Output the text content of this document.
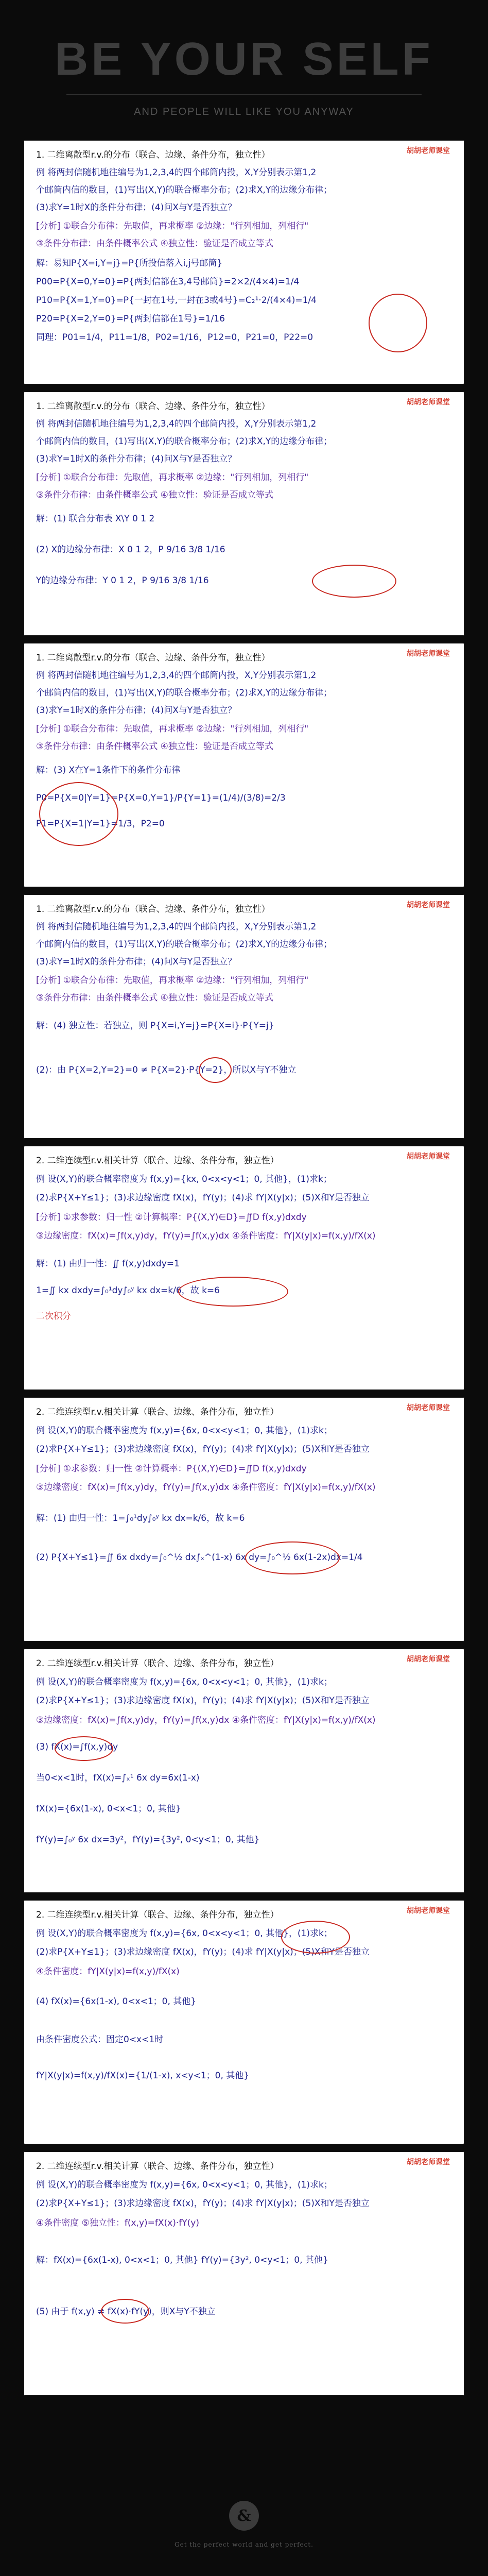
BE YOUR SELF
AND PEOPLE WILL LIKE YOU ANYWAY
胡胡老师课堂
1. 二维离散型r.v.的分布（联合、边缘、条件分布，独立性）
例 将两封信随机地往编号为1,2,3,4的四个邮筒内投，X,Y分别表示第1,2
个邮筒内信的数目，(1)写出(X,Y)的联合概率分布；(2)求X,Y的边缘分布律；
(3)求Y=1时X的条件分布律；(4)问X与Y是否独立？
[分析] ①联合分布律：先取值，再求概率 ②边缘："行列相加，列相行"
③条件分布律：由条件概率公式 ④独立性：验证是否成立等式
解：易知P{X=i,Y=j}=P{所投信落入i,j号邮筒}
P00=P{X=0,Y=0}=P{两封信都在3,4号邮筒}=2×2/(4×4)=1/4
P10=P{X=1,Y=0}=P{一封在1号,一封在3或4号}=C₂¹·2/(4×4)=1/4
P20=P{X=2,Y=0}=P{两封信都在1号}=1/16
同理：P01=1/4，P11=1/8，P02=1/16，P12=0，P21=0，P22=0
胡胡老师课堂
1. 二维离散型r.v.的分布（联合、边缘、条件分布，独立性）
例 将两封信随机地往编号为1,2,3,4的四个邮筒内投，X,Y分别表示第1,2
个邮筒内信的数目，(1)写出(X,Y)的联合概率分布；(2)求X,Y的边缘分布律；
(3)求Y=1时X的条件分布律；(4)问X与Y是否独立？
[分析] ①联合分布律：先取值，再求概率 ②边缘："行列相加，列相行"
③条件分布律：由条件概率公式 ④独立性：验证是否成立等式
解：(1) 联合分布表 X\Y 0 1 2
(2) X的边缘分布律：X 0 1 2，P 9/16 3/8 1/16
Y的边缘分布律：Y 0 1 2，P 9/16 3/8 1/16
胡胡老师课堂
1. 二维离散型r.v.的分布（联合、边缘、条件分布，独立性）
例 将两封信随机地往编号为1,2,3,4的四个邮筒内投，X,Y分别表示第1,2
个邮筒内信的数目，(1)写出(X,Y)的联合概率分布；(2)求X,Y的边缘分布律；
(3)求Y=1时X的条件分布律；(4)问X与Y是否独立？
[分析] ①联合分布律：先取值，再求概率 ②边缘："行列相加，列相行"
③条件分布律：由条件概率公式 ④独立性：验证是否成立等式
解：(3) X在Y=1条件下的条件分布律
P0=P{X=0|Y=1}=P{X=0,Y=1}/P{Y=1}=(1/4)/(3/8)=2/3
P1=P{X=1|Y=1}=1/3，P2=0
胡胡老师课堂
1. 二维离散型r.v.的分布（联合、边缘、条件分布，独立性）
例 将两封信随机地往编号为1,2,3,4的四个邮筒内投，X,Y分别表示第1,2
个邮筒内信的数目，(1)写出(X,Y)的联合概率分布；(2)求X,Y的边缘分布律；
(3)求Y=1时X的条件分布律；(4)问X与Y是否独立？
[分析] ①联合分布律：先取值，再求概率 ②边缘："行列相加，列相行"
③条件分布律：由条件概率公式 ④独立性：验证是否成立等式
解：(4) 独立性：若独立，则 P{X=i,Y=j}=P{X=i}·P{Y=j}
(2)：由 P{X=2,Y=2}=0 ≠ P{X=2}·P{Y=2}，所以X与Y不独立
胡胡老师课堂
2. 二维连续型r.v.相关计算（联合、边缘、条件分布，独立性）
例 设(X,Y)的联合概率密度为 f(x,y)={kx, 0<x<y<1；0, 其他}，(1)求k；
(2)求P{X+Y≤1}；(3)求边缘密度 fX(x)，fY(y)；(4)求 fY|X(y|x)；(5)X和Y是否独立
[分析] ①求参数：归一性 ②计算概率：P{(X,Y)∈D}=∬D f(x,y)dxdy
③边缘密度：fX(x)=∫f(x,y)dy，fY(y)=∫f(x,y)dx ④条件密度：fY|X(y|x)=f(x,y)/fX(x)
解：(1) 由归一性：∬ f(x,y)dxdy=1
1=∬ kx dxdy=∫₀¹dy∫₀ʸ kx dx=k/6，故 k=6
二次积分
胡胡老师课堂
2. 二维连续型r.v.相关计算（联合、边缘、条件分布，独立性）
例 设(X,Y)的联合概率密度为 f(x,y)={6x, 0<x<y<1；0, 其他}，(1)求k；
(2)求P{X+Y≤1}；(3)求边缘密度 fX(x)，fY(y)；(4)求 fY|X(y|x)；(5)X和Y是否独立
[分析] ①求参数：归一性 ②计算概率：P{(X,Y)∈D}=∬D f(x,y)dxdy
③边缘密度：fX(x)=∫f(x,y)dy，fY(y)=∫f(x,y)dx ④条件密度：fY|X(y|x)=f(x,y)/fX(x)
解：(1) 由归一性：1=∫₀¹dy∫₀ʸ kx dx=k/6，故 k=6
(2) P{X+Y≤1}=∬ 6x dxdy=∫₀^½ dx∫ₓ^(1-x) 6x dy=∫₀^½ 6x(1-2x)dx=1/4
胡胡老师课堂
2. 二维连续型r.v.相关计算（联合、边缘、条件分布，独立性）
例 设(X,Y)的联合概率密度为 f(x,y)={6x, 0<x<y<1；0, 其他}，(1)求k；
(2)求P{X+Y≤1}；(3)求边缘密度 fX(x)，fY(y)；(4)求 fY|X(y|x)；(5)X和Y是否独立
③边缘密度：fX(x)=∫f(x,y)dy，fY(y)=∫f(x,y)dx ④条件密度：fY|X(y|x)=f(x,y)/fX(x)
(3) fX(x)=∫f(x,y)dy
当0<x<1时，fX(x)=∫ₓ¹ 6x dy=6x(1-x)
fX(x)={6x(1-x), 0<x<1；0, 其他}
fY(y)=∫₀ʸ 6x dx=3y²，fY(y)={3y², 0<y<1；0, 其他}
胡胡老师课堂
2. 二维连续型r.v.相关计算（联合、边缘、条件分布，独立性）
例 设(X,Y)的联合概率密度为 f(x,y)={6x, 0<x<y<1；0, 其他}，(1)求k；
(2)求P{X+Y≤1}；(3)求边缘密度 fX(x)，fY(y)；(4)求 fY|X(y|x)；(5)X和Y是否独立
④条件密度：fY|X(y|x)=f(x,y)/fX(x)
(4) fX(x)={6x(1-x), 0<x<1；0, 其他}
由条件密度公式：固定0<x<1时
fY|X(y|x)=f(x,y)/fX(x)={1/(1-x), x<y<1；0, 其他}
胡胡老师课堂
2. 二维连续型r.v.相关计算（联合、边缘、条件分布，独立性）
例 设(X,Y)的联合概率密度为 f(x,y)={6x, 0<x<y<1；0, 其他}，(1)求k；
(2)求P{X+Y≤1}；(3)求边缘密度 fX(x)，fY(y)；(4)求 fY|X(y|x)；(5)X和Y是否独立
④条件密度 ⑤独立性：f(x,y)=fX(x)·fY(y)
解：fX(x)={6x(1-x), 0<x<1；0, 其他} fY(y)={3y², 0<y<1；0, 其他}
(5) 由于 f(x,y) ≠ fX(x)·fY(y)，则X与Y不独立
&
Get the perfect world and get perfect.
